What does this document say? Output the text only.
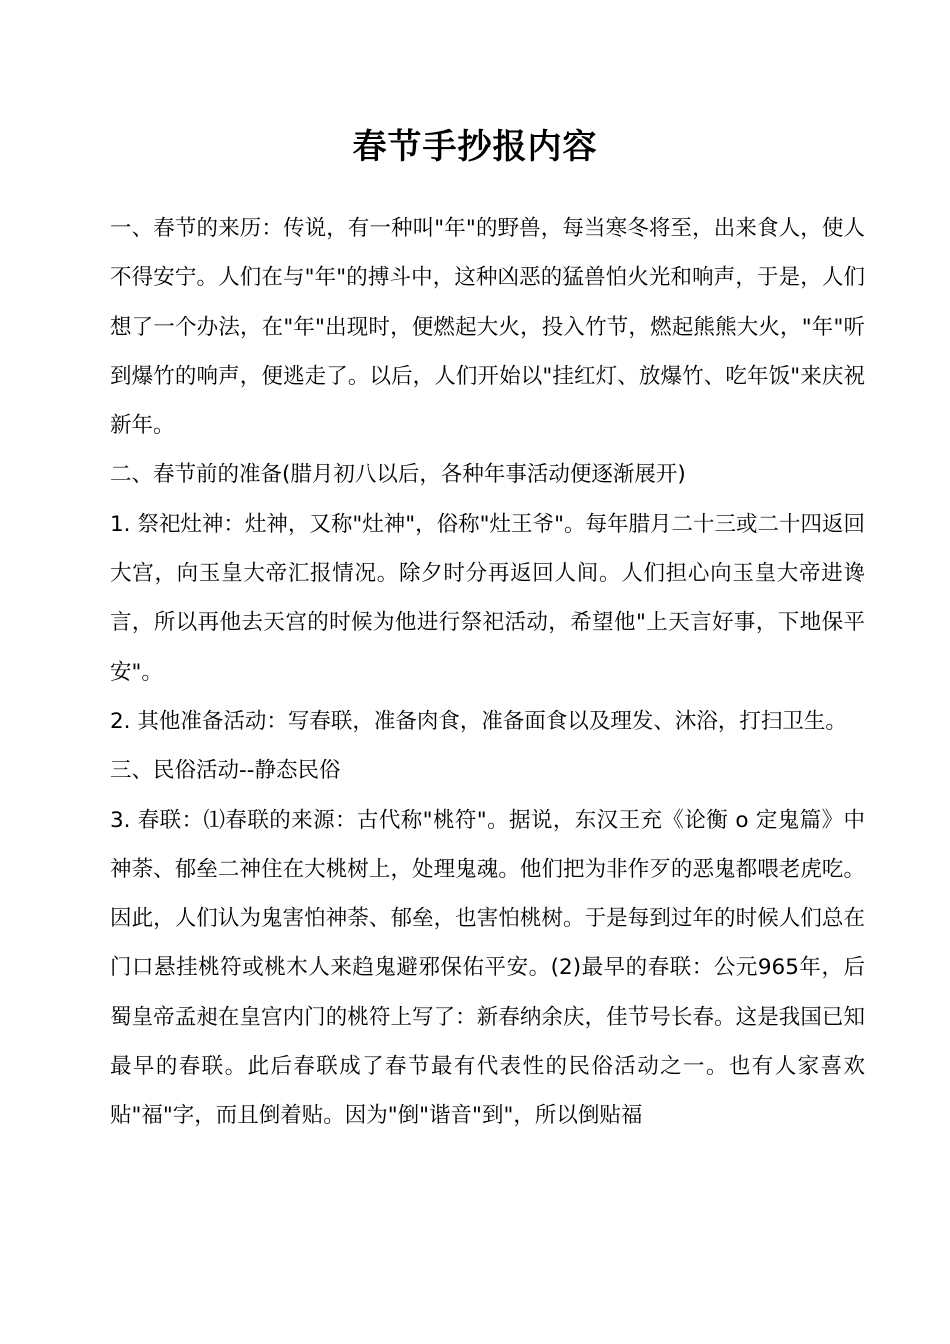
春节手抄报内容

一、春节的来历：传说，有一种叫"年"的野兽，每当寒冬将至，出来食人，使人不得安宁。人们在与"年"的搏斗中，这种凶恶的猛兽怕火光和响声，于是，人们想了一个办法，在"年"出现时，便燃起大火，投入竹节，燃起熊熊大火，"年"听到爆竹的响声，便逃走了。以后，人们开始以"挂红灯、放爆竹、吃年饭"来庆祝新年。

二、春节前的准备(腊月初八以后，各种年事活动便逐渐展开)

1. 祭祀灶神：灶神，又称"灶神"，俗称"灶王爷"。每年腊月二十三或二十四返回大宫，向玉皇大帝汇报情况。除夕时分再返回人间。人们担心向玉皇大帝进谗言，所以再他去天宫的时候为他进行祭祀活动，希望他"上天言好事，下地保平安"。

2. 其他准备活动：写春联，准备肉食，准备面食以及理发、沐浴，打扫卫生。

三、民俗活动--静态民俗

3. 春联：⑴春联的来源：古代称"桃符"。据说，东汉王充《论衡 o 定鬼篇》中神荼、郁垒二神住在大桃树上，处理鬼魂。他们把为非作歹的恶鬼都喂老虎吃。因此，人们认为鬼害怕神荼、郁垒，也害怕桃树。于是每到过年的时候人们总在门口悬挂桃符或桃木人来趋鬼避邪保佑平安。(2)最早的春联：公元965年，后蜀皇帝孟昶在皇宫内门的桃符上写了：新春纳余庆，佳节号长春。这是我国已知最早的春联。此后春联成了春节最有代表性的民俗活动之一。也有人家喜欢贴"福"字，而且倒着贴。因为"倒"谐音"到"，所以倒贴福
